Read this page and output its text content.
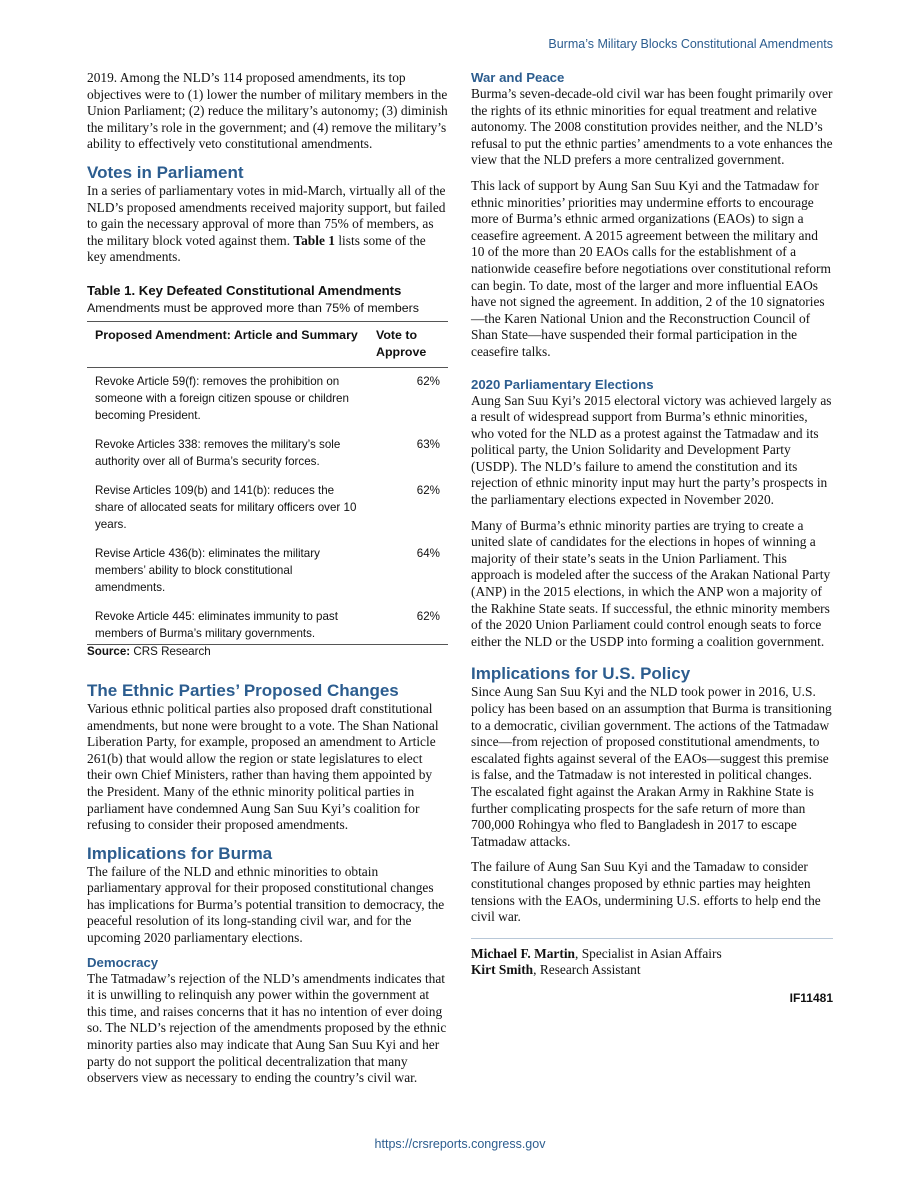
Burma’s Military Blocks Constitutional Amendments

2019. Among the NLD’s 114 proposed amendments, its top objectives were to (1) lower the number of military members in the Union Parliament; (2) reduce the military’s autonomy; (3) diminish the military’s role in the government; and (4) remove the military’s ability to effectively veto constitutional amendments.

Votes in Parliament

In a series of parliamentary votes in mid-March, virtually all of the NLD’s proposed amendments received majority support, but failed to gain the necessary approval of more than 75% of members, as the military block voted against them. Table 1 lists some of the key amendments.

Table 1. Key Defeated Constitutional Amendments
Amendments must be approved more than 75% of members
Proposed Amendment: Article and Summary	Vote to Approve
Revoke Article 59(f): removes the prohibition on someone with a foreign citizen spouse or children becoming President.	62%
Revoke Articles 338: removes the military’s sole authority over all of Burma’s security forces.	63%
Revise Articles 109(b) and 141(b): reduces the share of allocated seats for military officers over 10 years.	62%
Revise Article 436(b): eliminates the military members’ ability to block constitutional amendments.	64%
Revoke Article 445: eliminates immunity to past members of Burma’s military governments.	62%
Source: CRS Research
The Ethnic Parties’ Proposed Changes

Various ethnic political parties also proposed draft constitutional amendments, but none were brought to a vote. The Shan National Liberation Party, for example, proposed an amendment to Article 261(b) that would allow the region or state legislatures to elect their own Chief Ministers, rather than having them appointed by the President. Many of the ethnic minority political parties in parliament have condemned Aung San Suu Kyi’s coalition for refusing to consider their proposed amendments.

Implications for Burma

The failure of the NLD and ethnic minorities to obtain parliamentary approval for their proposed constitutional changes has implications for Burma’s potential transition to democracy, the peaceful resolution of its long-standing civil war, and for the upcoming 2020 parliamentary elections.

Democracy

The Tatmadaw’s rejection of the NLD’s amendments indicates that it is unwilling to relinquish any power within the government at this time, and raises concerns that it has no intention of ever doing so. The NLD’s rejection of the amendments proposed by the ethnic minority parties also may indicate that Aung San Suu Kyi and her party do not support the political decentralization that many observers view as necessary to ending the country’s civil war.

War and Peace

Burma’s seven-decade-old civil war has been fought primarily over the rights of its ethnic minorities for equal treatment and relative autonomy. The 2008 constitution provides neither, and the NLD’s refusal to put the ethnic parties’ amendments to a vote enhances the view that the NLD prefers a more centralized government.

This lack of support by Aung San Suu Kyi and the Tatmadaw for ethnic minorities’ priorities may undermine efforts to encourage more of Burma’s ethnic armed organizations (EAOs) to sign a ceasefire agreement. A 2015 agreement between the military and 10 of the more than 20 EAOs calls for the establishment of a nationwide ceasefire before negotiations over constitutional reform can begin. To date, most of the larger and more influential EAOs have not signed the agreement. In addition, 2 of the 10 signatories—the Karen National Union and the Reconstruction Council of Shan State—have suspended their formal participation in the ceasefire talks.

2020 Parliamentary Elections

Aung San Suu Kyi’s 2015 electoral victory was achieved largely as a result of widespread support from Burma’s ethnic minorities, who voted for the NLD as a protest against the Tatmadaw and its political party, the Union Solidarity and Development Party (USDP). The NLD’s failure to amend the constitution and its rejection of ethnic minority input may hurt the party’s prospects in the parliamentary elections expected in November 2020.

Many of Burma’s ethnic minority parties are trying to create a united slate of candidates for the elections in hopes of winning a majority of their state’s seats in the Union Parliament. This approach is modeled after the success of the Arakan National Party (ANP) in the 2015 elections, in which the ANP won a majority of the Rakhine State seats. If successful, the ethnic minority members of the 2020 Union Parliament could control enough seats to force either the NLD or the USDP into forming a coalition government.

Implications for U.S. Policy

Since Aung San Suu Kyi and the NLD took power in 2016, U.S. policy has been based on an assumption that Burma is transitioning to a democratic, civilian government. The actions of the Tatmadaw since—from rejection of proposed constitutional amendments, to escalated fights against several of the EAOs—suggest this premise is false, and the Tatmadaw is not interested in political changes. The escalated fight against the Arakan Army in Rakhine State is further complicating prospects for the safe return of more than 700,000 Rohingya who fled to Bangladesh in 2017 to escape Tatmadaw attacks.

The failure of Aung San Suu Kyi and the Tamadaw to consider constitutional changes proposed by ethnic parties may heighten tensions with the EAOs, undermining U.S. efforts to help end the civil war.

Michael F. Martin, Specialist in Asian Affairs

Kirt Smith, Research Assistant

IF11481
https://crsreports.congress.gov
